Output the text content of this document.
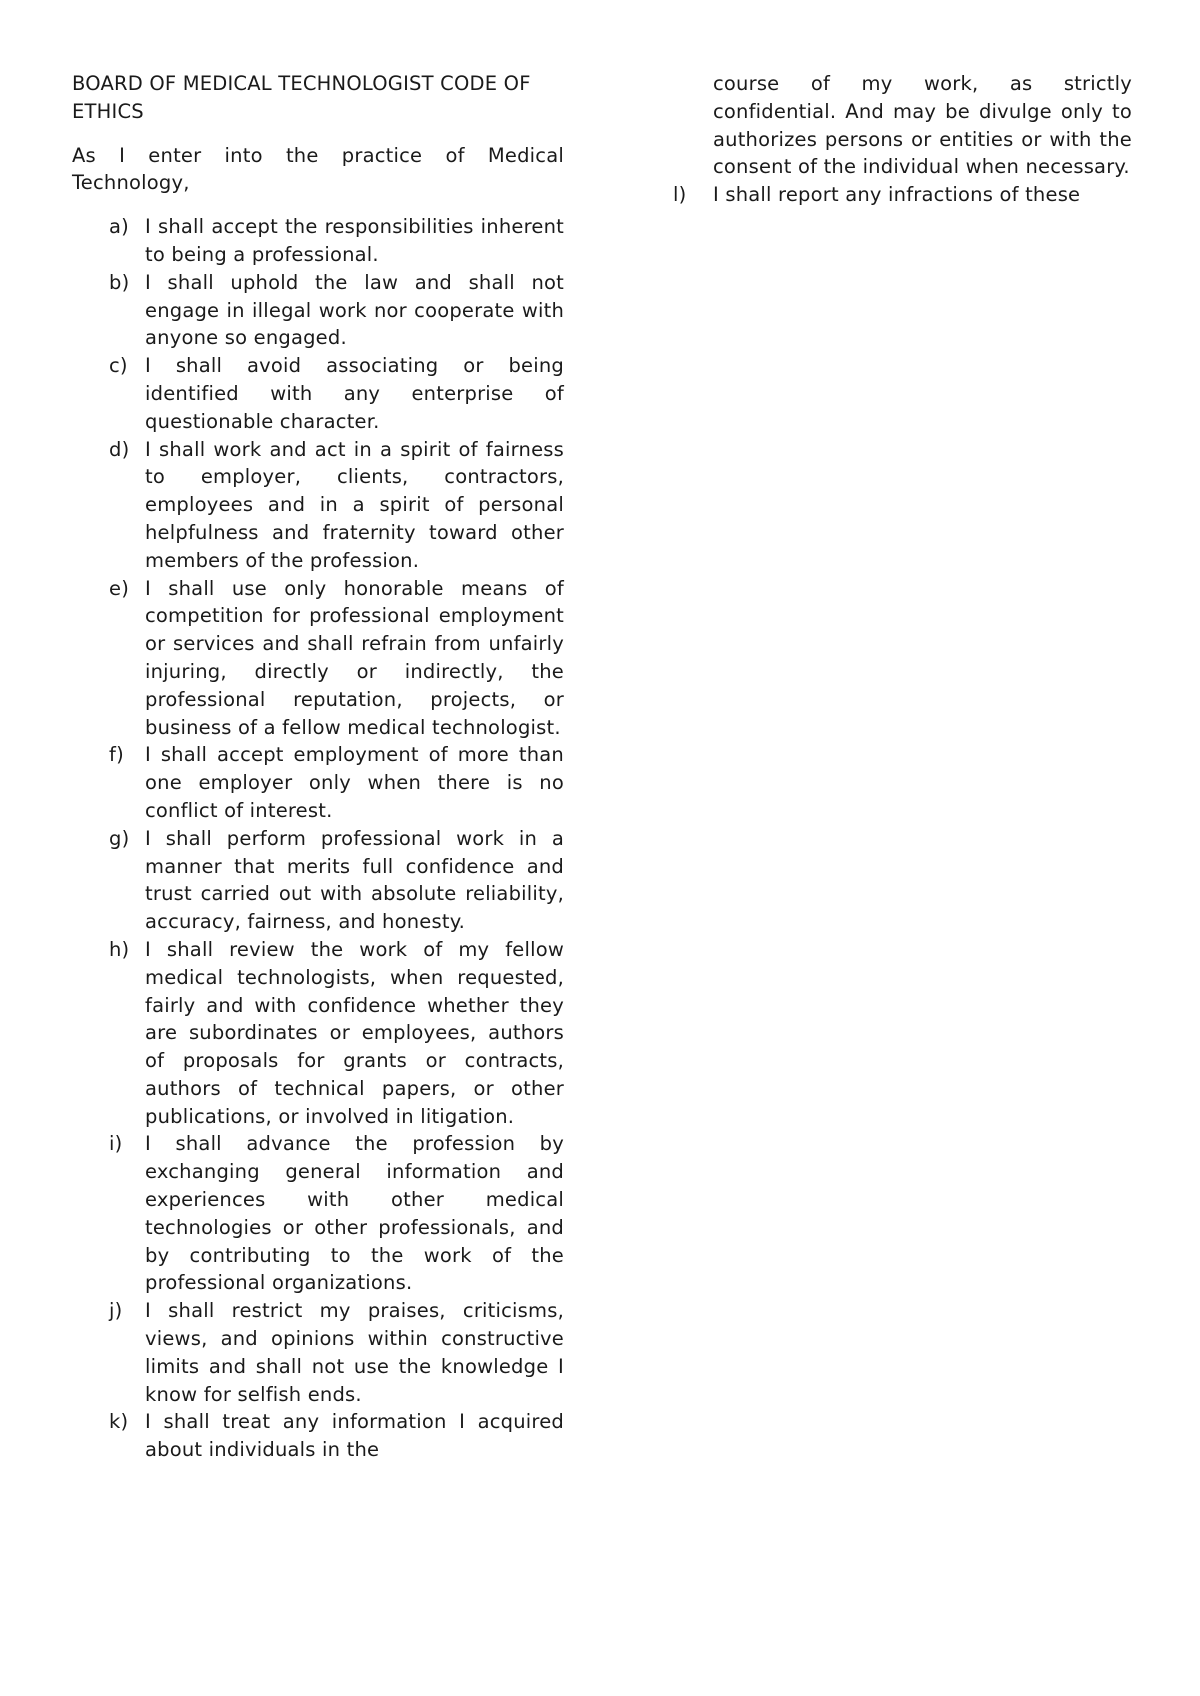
BOARD OF MEDICAL TECHNOLOGIST CODE OF ETHICS

As I enter into the practice of Medical Technology,

a) I shall accept the responsibilities inherent to being a professional.
b) I shall uphold the law and shall not engage in illegal work nor cooperate with anyone so engaged.
c) I shall avoid associating or being identified with any enterprise of questionable character.
d) I shall work and act in a spirit of fairness to employer, clients, contractors, employees and in a spirit of personal helpfulness and fraternity toward other members of the profession.
e) I shall use only honorable means of competition for professional employment or services and shall refrain from unfairly injuring, directly or indirectly, the professional reputation, projects, or business of a fellow medical technologist.
f) I shall accept employment of more than one employer only when there is no conflict of interest.
g) I shall perform professional work in a manner that merits full confidence and trust carried out with absolute reliability, accuracy, fairness, and honesty.
h) I shall review the work of my fellow medical technologists, when requested, fairly and with confidence whether they are subordinates or employees, authors of proposals for grants or contracts, authors of technical papers, or other publications, or involved in litigation.
i) I shall advance the profession by exchanging general information and experiences with other medical technologies or other professionals, and by contributing to the work of the professional organizations.
j) I shall restrict my praises, criticisms, views, and opinions within constructive limits and shall not use the knowledge I know for selfish ends.
k) I shall treat any information I acquired about individuals in the

course of my work, as strictly confidential. And may be divulge only to authorizes persons or entities or with the consent of the individual when necessary.

l) I shall report any infractions of these
